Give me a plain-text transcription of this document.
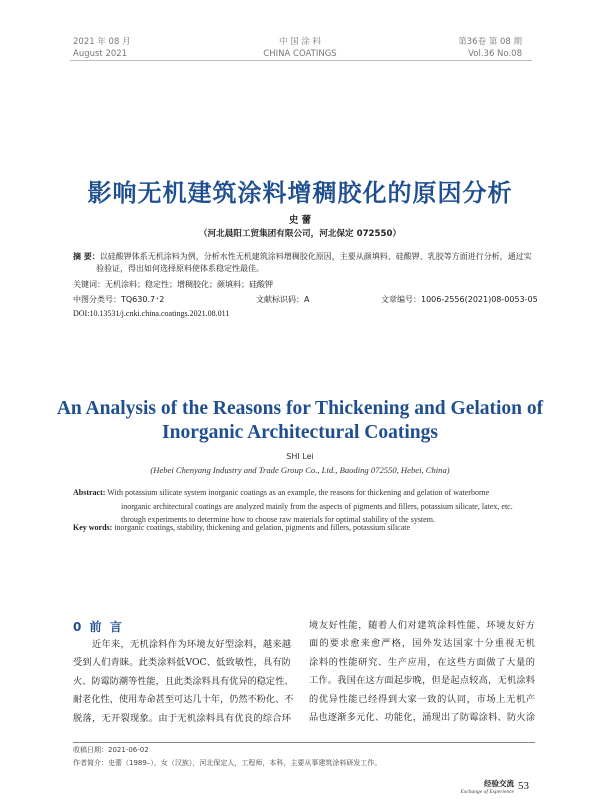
2021 年 08 月
August 2021
中 国 涂 料
CHINA COATINGS
第36卷 第 08 期
Vol.36 No.08
影响无机建筑涂料增稠胶化的原因分析
史 蕾
（河北晨阳工贸集团有限公司，河北保定 072550）
摘 要：以硅酸钾体系无机涂料为例，分析水性无机建筑涂料增稠胶化原因，主要从颜填料、硅酸钾、乳胶等方面进行分析，通过实
验验证，得出如何选择原料使体系稳定性最佳。
关键词：无机涂料；稳定性；增稠胶化；颜填料；硅酸钾
中图分类号：TQ630.7⁺2	文献标识码：A	文章编号：1006-2556(2021)08-0053-05
DOI:10.13531/j.cnki.china.coatings.2021.08.011
An Analysis of the Reasons for Thickening and Gelation of
Inorganic Architectural Coatings
SHI Lei
(Hebei Chenyang Industry and Trade Group Co., Ltd., Baoding 072550, Hebei, China)
Abstract: With potassium silicate system inorganic coatings as an example, the reasons for thickening and gelation of waterborne
inorganic architectural coatings are analyzed mainly from the aspects of pigments and fillers, potassium silicate, latex, etc.
through experiments to determine how to choose raw materials for optimal stability of the system.
Key words: inorganic coatings, stability, thickening and gelation, pigments and fillers, potassium silicate
0 前 言
　　近年来，无机涂料作为环境友好型涂料，越来越
受到人们青睐。此类涂料低VOC、低致敏性，具有防
火、防霉防潮等性能，且此类涂料具有优异的稳定性、
耐老化性，使用寿命甚至可达几十年，仍然不粉化、不
脱落，无开裂现象。由于无机涂料具有优良的综合环
境友好性能，随着人们对建筑涂料性能、环境友好方
面的要求愈来愈严格，国外发达国家十分重视无机
涂料的性能研究、生产应用，在这些方面做了大量的
工作。我国在这方面起步晚，但是起点较高，无机涂料
的优异性能已经得到大家一致的认同，市场上无机产
品也逐渐多元化、功能化，涌现出了防霉涂料、防火涂
收稿日期：2021-06-02
作者简介：史蕾（1989–），女（汉族），河北保定人，工程师，本科，主要从事建筑涂料研发工作。
经验交流
Exchange of Experience 53
